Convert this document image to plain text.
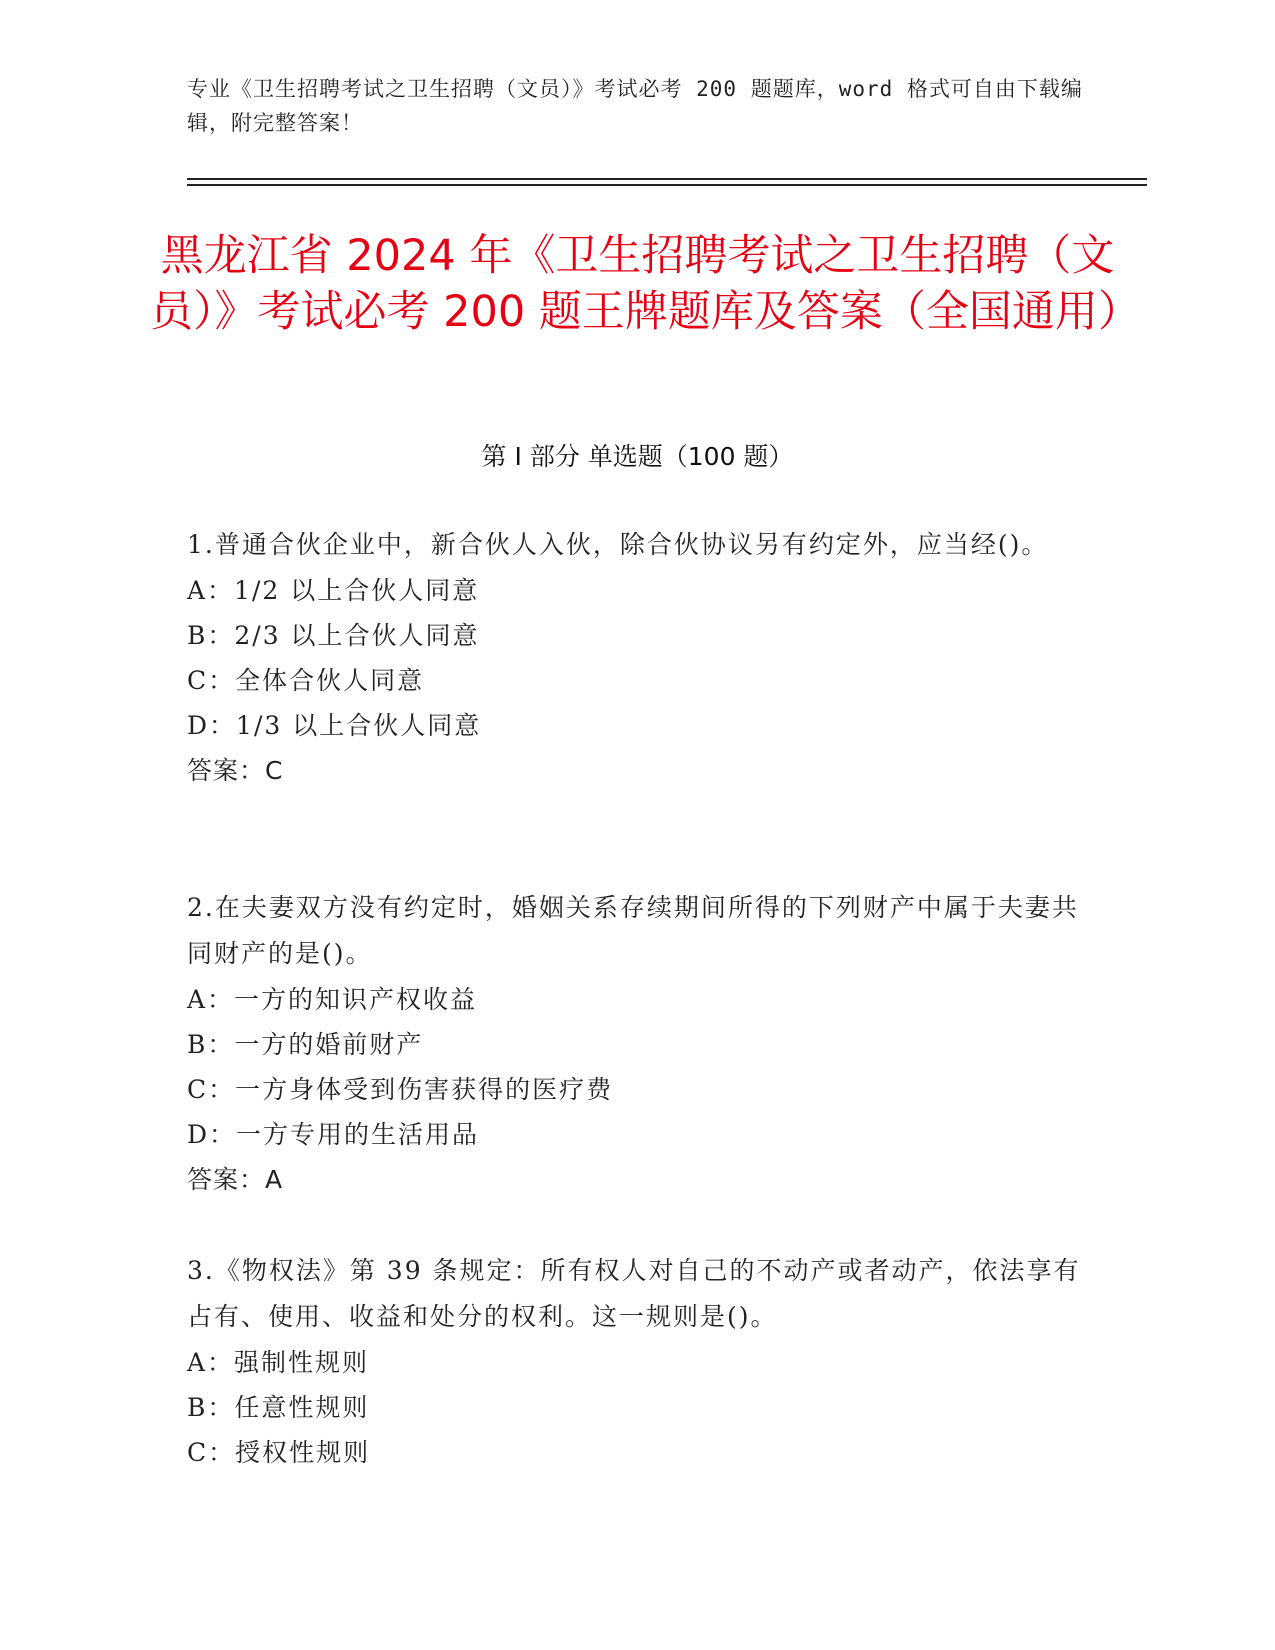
专业《卫生招聘考试之卫生招聘（文员）》考试必考 200 题题库，word 格式可自由下载编辑，附完整答案！
黑龙江省 2024 年《卫生招聘考试之卫生招聘（文员）》考试必考 200 题王牌题库及答案（全国通用）
第 I 部分 单选题（100 题）

1.普通合伙企业中，新合伙人入伙，除合伙协议另有约定外，应当经()。

A：1/2 以上合伙人同意

B：2/3 以上合伙人同意

C：全体合伙人同意

D：1/3 以上合伙人同意

答案：C

2.在夫妻双方没有约定时，婚姻关系存续期间所得的下列财产中属于夫妻共同财产的是()。

A：一方的知识产权收益

B：一方的婚前财产

C：一方身体受到伤害获得的医疗费

D：一方专用的生活用品

答案：A

3.《物权法》第 39 条规定：所有权人对自己的不动产或者动产，依法享有占有、使用、收益和处分的权利。这一规则是()。

A：强制性规则

B：任意性规则

C：授权性规则
